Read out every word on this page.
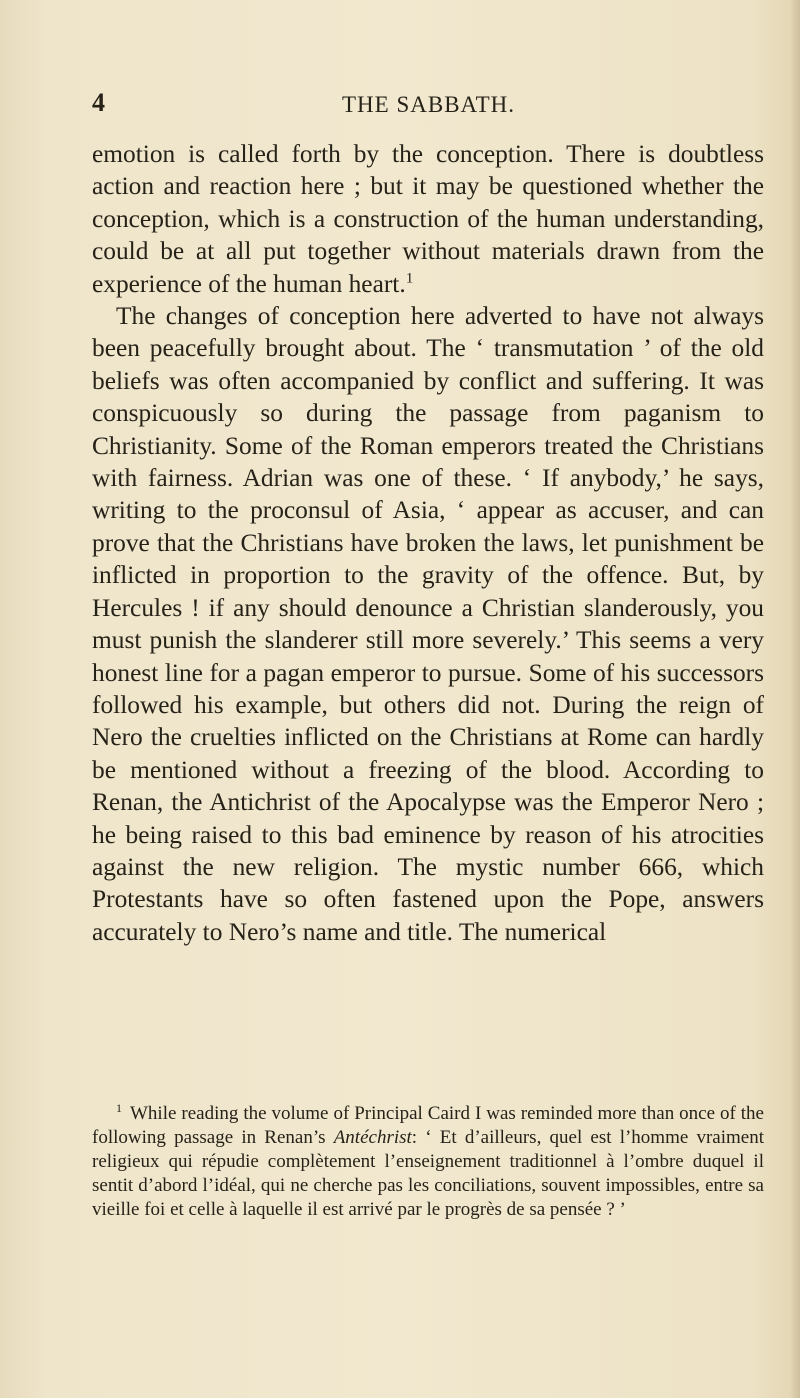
4	THE SABBATH.

emotion is called forth by the conception. There is doubtless action and reaction here ; but it may be questioned whether the conception, which is a construction of the human understanding, could be at all put together without materials drawn from the experience of the human heart.$^1$

The changes of conception here adverted to have not always been peacefully brought about. The ‘ transmutation ’ of the old beliefs was often accompanied by conflict and suffering. It was conspicuously so during the passage from paganism to Christianity. Some of the Roman emperors treated the Christians with fairness. Adrian was one of these. ‘ If anybody,’ he says, writing to the proconsul of Asia, ‘ appear as accuser, and can prove that the Christians have broken the laws, let punishment be inflicted in proportion to the gravity of the offence. But, by Hercules ! if any should denounce a Christian slanderously, you must punish the slanderer still more severely.’ This seems a very honest line for a pagan emperor to pursue. Some of his successors followed his example, but others did not. During the reign of Nero the cruelties inflicted on the Christians at Rome can hardly be mentioned without a freezing of the blood. According to Renan, the Antichrist of the Apocalypse was the Emperor Nero ; he being raised to this bad eminence by reason of his atrocities against the new religion. The mystic number 666, which Protestants have so often fastened upon the Pope, answers accurately to Nero’s name and title. The numerical

$^1$ While reading the volume of Principal Caird I was reminded more than once of the following passage in Renan’s Antéchrist: ‘ Et d’ailleurs, quel est l’homme vraiment religieux qui répudie complètement l’enseignement traditionnel à l’ombre duquel il sentit d’abord l’idéal, qui ne cherche pas les conciliations, souvent impossibles, entre sa vieille foi et celle à laquelle il est arrivé par le progrès de sa pensée ? ’
